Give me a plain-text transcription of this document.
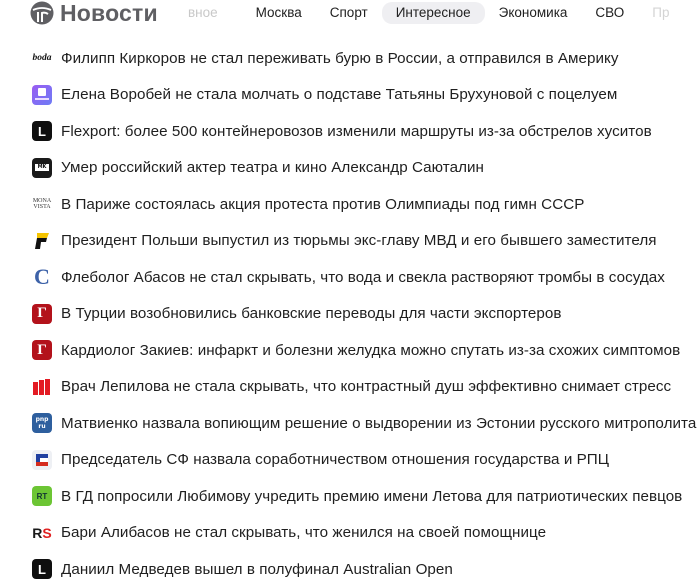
Новости вное	Москва	Спорт	Интересное	Экономика	СВО	Пр
boda Филипп Киркоров не стал переживать бурю в России, а отправился в Америку
Елена Воробей не стала молчать о подставе Татьяны Брухуновой с поцелуем
L Flexport: более 500 контейнеровозов изменили маршруты из-за обстрелов хуситов
MK Умер российский актер театра и кино Александр Саюталин
MONA
VISTA В Париже состоялась акция протеста против Олимпиады под гимн СССР
Президент Польши выпустил из тюрьмы экс-главу МВД и его бывшего заместителя
C Флеболог Абасов не стал скрывать, что вода и свекла растворяют тромбы в сосудах
Г В Турции возобновились банковские переводы для части экспортеров
Г Кардиолог Закиев: инфаркт и болезни желудка можно спутать из-за схожих симптомов
Врач Лепилова не стала скрывать, что контрастный душ эффективно снимает стресс
pnp
ru Матвиенко назвала вопиющим решение о выдворении из Эстонии русского митрополита
Председатель СФ назвала соработничеством отношения государства и РПЦ
RT В ГД попросили Любимову учредить премию имени Летова для патриотических певцов
R S Бари Алибасов не стал скрывать, что женился на своей помощнице
L Даниил Медведев вышел в полуфинал Australian Open
